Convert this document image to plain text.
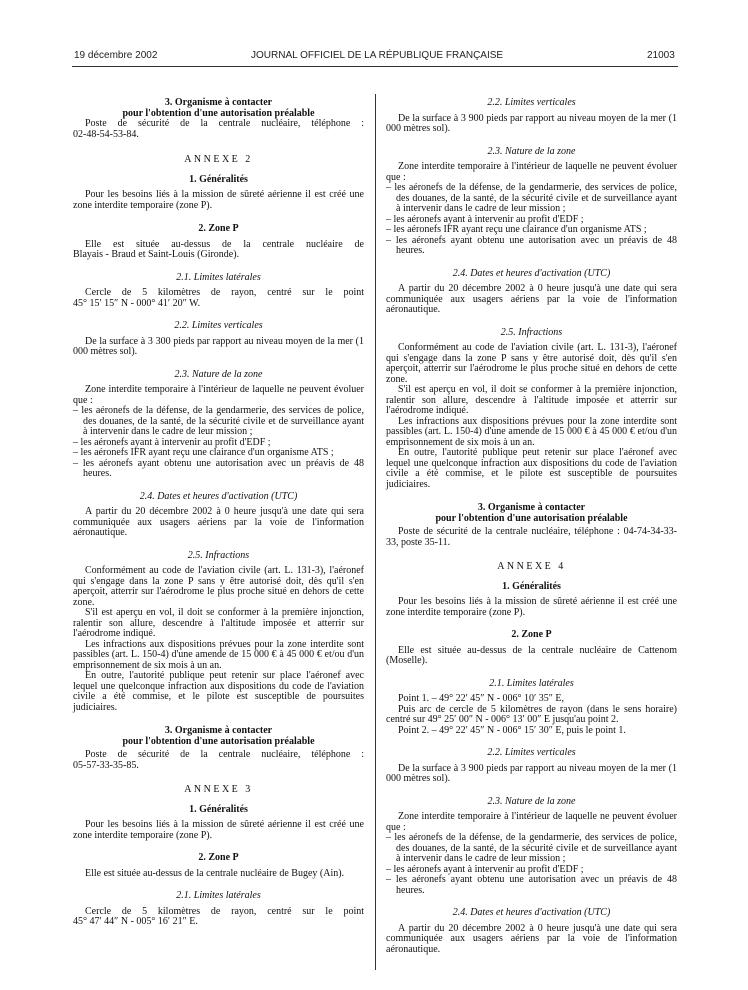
19 décembre 2002	JOURNAL OFFICIEL DE LA RÉPUBLIQUE FRANÇAISE	21003

3. Organisme à contacter

pour l'obtention d'une autorisation préalable

Poste de sécurité de la centrale nucléaire, téléphone :

02-48-54-53-84.

ANNEXE 2

1. Généralités

Pour les besoins liés à la mission de sûreté aérienne il est créé une zone interdite temporaire (zone P).

2. Zone P

Elle est située au-dessus de la centrale nucléaire de

Blayais - Braud et Saint-Louis (Gironde).

2.1. Limites latérales

Cercle de 5 kilomètres de rayon, centré sur le point

45° 15′ 15″ N - 000° 41′ 20″ W.

2.2. Limites verticales

De la surface à 3 300 pieds par rapport au niveau moyen de la mer (1 000 mètres sol).

2.3. Nature de la zone

Zone interdite temporaire à l'intérieur de laquelle ne peuvent évoluer que :

– les aéronefs de la défense, de la gendarmerie, des services de police, des douanes, de la santé, de la sécurité civile et de surveillance ayant à intervenir dans le cadre de leur mission ;
– les aéronefs ayant à intervenir au profit d'EDF ;
– les aéronefs IFR ayant reçu une clairance d'un organisme ATS ;
– les aéronefs ayant obtenu une autorisation avec un préavis de 48 heures.

2.4. Dates et heures d'activation (UTC)

A partir du 20 décembre 2002 à 0 heure jusqu'à une date qui sera communiquée aux usagers aériens par la voie de l'information aéronautique.

2.5. Infractions

Conformément au code de l'aviation civile (art. L. 131-3), l'aéronef qui s'engage dans la zone P sans y être autorisé doit, dès qu'il s'en aperçoit, atterrir sur l'aérodrome le plus proche situé en dehors de cette zone.

S'il est aperçu en vol, il doit se conformer à la première injonction, ralentir son allure, descendre à l'altitude imposée et atterrir sur l'aérodrome indiqué.

Les infractions aux dispositions prévues pour la zone interdite sont passibles (art. L. 150-4) d'une amende de 15 000 € à 45 000 € et/ou d'un emprisonnement de six mois à un an.

En outre, l'autorité publique peut retenir sur place l'aéronef avec lequel une quelconque infraction aux dispositions du code de l'aviation civile a été commise, et le pilote est susceptible de poursuites judiciaires.

3. Organisme à contacter

pour l'obtention d'une autorisation préalable

Poste de sécurité de la centrale nucléaire, téléphone :

05-57-33-35-85.

ANNEXE 3

1. Généralités

Pour les besoins liés à la mission de sûreté aérienne il est créé une zone interdite temporaire (zone P).

2. Zone P

Elle est située au-dessus de la centrale nucléaire de Bugey (Ain).

2.1. Limites latérales

Cercle de 5 kilomètres de rayon, centré sur le point

45° 47′ 44″ N - 005° 16′ 21″ E.

2.2. Limites verticales

De la surface à 3 900 pieds par rapport au niveau moyen de la mer (1 000 mètres sol).

2.3. Nature de la zone

Zone interdite temporaire à l'intérieur de laquelle ne peuvent évoluer que :

– les aéronefs de la défense, de la gendarmerie, des services de police, des douanes, de la santé, de la sécurité civile et de surveillance ayant à intervenir dans le cadre de leur mission ;
– les aéronefs ayant à intervenir au profit d'EDF ;
– les aéronefs IFR ayant reçu une clairance d'un organisme ATS ;
– les aéronefs ayant obtenu une autorisation avec un préavis de 48 heures.

2.4. Dates et heures d'activation (UTC)

A partir du 20 décembre 2002 à 0 heure jusqu'à une date qui sera communiquée aux usagers aériens par la voie de l'information aéronautique.

2.5. Infractions

Conformément au code de l'aviation civile (art. L. 131-3), l'aéronef qui s'engage dans la zone P sans y être autorisé doit, dès qu'il s'en aperçoit, atterrir sur l'aérodrome le plus proche situé en dehors de cette zone.

S'il est aperçu en vol, il doit se conformer à la première injonction, ralentir son allure, descendre à l'altitude imposée et atterrir sur l'aérodrome indiqué.

Les infractions aux dispositions prévues pour la zone interdite sont passibles (art. L. 150-4) d'une amende de 15 000 € à 45 000 € et/ou d'un emprisonnement de six mois à un an.

En outre, l'autorité publique peut retenir sur place l'aéronef avec lequel une quelconque infraction aux dispositions du code de l'aviation civile a été commise, et le pilote est susceptible de poursuites judiciaires.

3. Organisme à contacter

pour l'obtention d'une autorisation préalable

Poste de sécurité de la centrale nucléaire, téléphone : 04-74-34-33-33, poste 35-11.

ANNEXE 4

1. Généralités

Pour les besoins liés à la mission de sûreté aérienne il est créé une zone interdite temporaire (zone P).

2. Zone P

Elle est située au-dessus de la centrale nucléaire de Cattenom (Moselle).

2.1. Limites latérales

Point 1. – 49° 22′ 45″ N - 006° 10′ 35″ E,

Puis arc de cercle de 5 kilomètres de rayon (dans le sens horaire) centré sur 49° 25′ 00″ N - 006° 13′ 00″ E jusqu'au point 2.

Point 2. – 49° 22′ 45″ N - 006° 15′ 30″ E, puis le point 1.

2.2. Limites verticales

De la surface à 3 900 pieds par rapport au niveau moyen de la mer (1 000 mètres sol).

2.3. Nature de la zone

Zone interdite temporaire à l'intérieur de laquelle ne peuvent évoluer que :

– les aéronefs de la défense, de la gendarmerie, des services de police, des douanes, de la santé, de la sécurité civile et de surveillance ayant à intervenir dans le cadre de leur mission ;
– les aéronefs ayant à intervenir au profit d'EDF ;
– les aéronefs ayant obtenu une autorisation avec un préavis de 48 heures.

2.4. Dates et heures d'activation (UTC)

A partir du 20 décembre 2002 à 0 heure jusqu'à une date qui sera communiquée aux usagers aériens par la voie de l'information aéronautique.
